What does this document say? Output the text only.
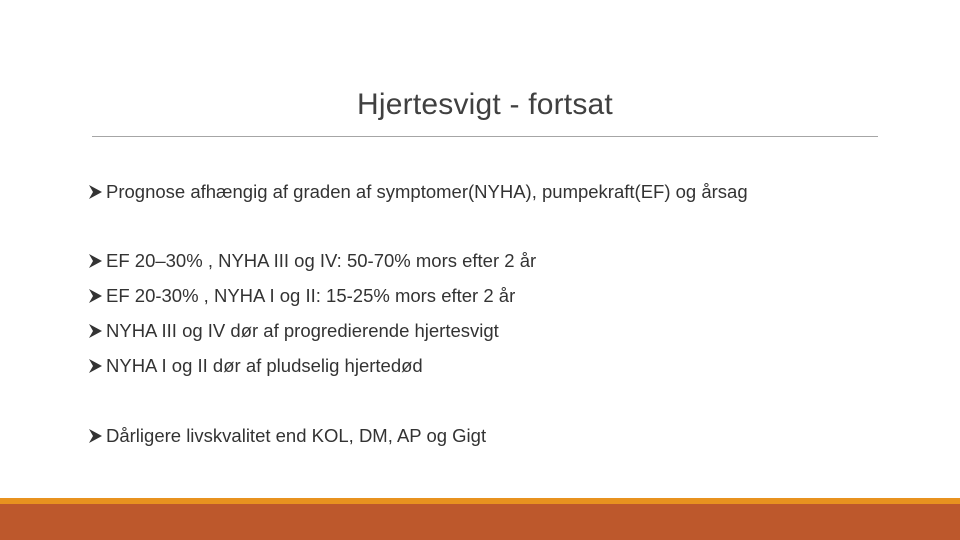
Hjertesvigt - fortsat
Prognose afhængig af graden af symptomer(NYHA), pumpekraft(EF) og årsag
EF 20–30% , NYHA III og IV: 50-70% mors efter 2 år
EF 20-30% , NYHA I og II: 15-25% mors efter 2 år
NYHA III og IV dør af progredierende hjertesvigt
NYHA I og II dør af pludselig hjertedød
Dårligere livskvalitet end KOL, DM, AP og Gigt
